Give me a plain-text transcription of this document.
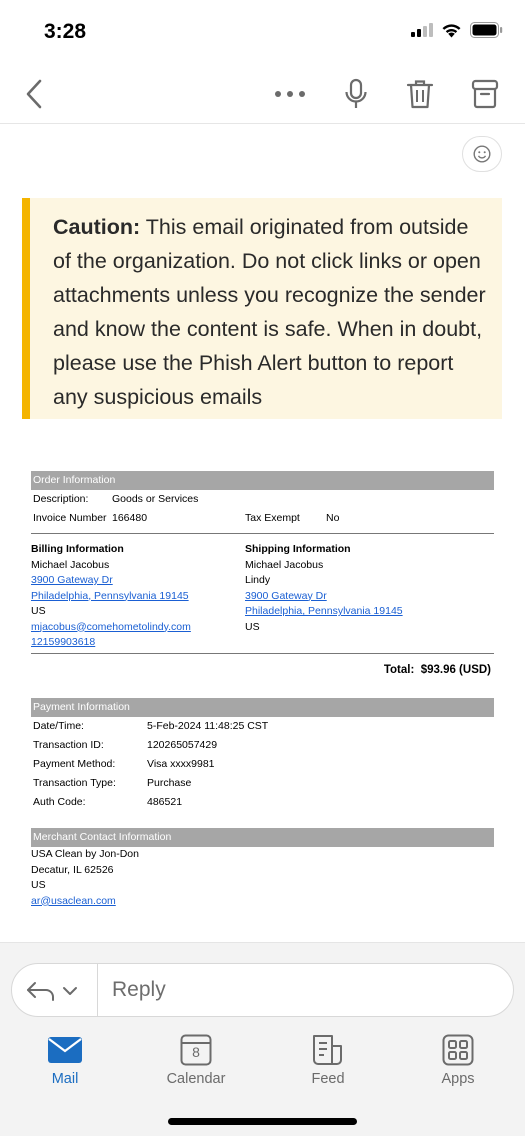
3:28
Caution: This email originated from outside of the organization. Do not click links or open attachments unless you recognize the sender and know the content is safe. When in doubt, please use the Phish Alert button to report any suspicious emails
Order Information
Description:	Goods or Services
Invoice Number 166480	Tax Exempt	No
Billing Information
Michael Jacobus
3900 Gateway Dr
Philadelphia, Pennsylvania 19145
US
mjacobus@comehometolindy.com
12159903618
Shipping Information
Michael Jacobus
Lindy
3900 Gateway Dr
Philadelphia, Pennsylvania 19145
US
Total: $93.96 (USD)
Payment Information
Date/Time:	5-Feb-2024 11:48:25 CST
Transaction ID:	120265057429
Payment Method:	Visa xxxx9981
Transaction Type:	Purchase
Auth Code:	486521
Merchant Contact Information
USA Clean by Jon-Don
Decatur, IL 62526
US
ar@usaclean.com
Reply
Mail
8
Calendar	Feed	Apps
